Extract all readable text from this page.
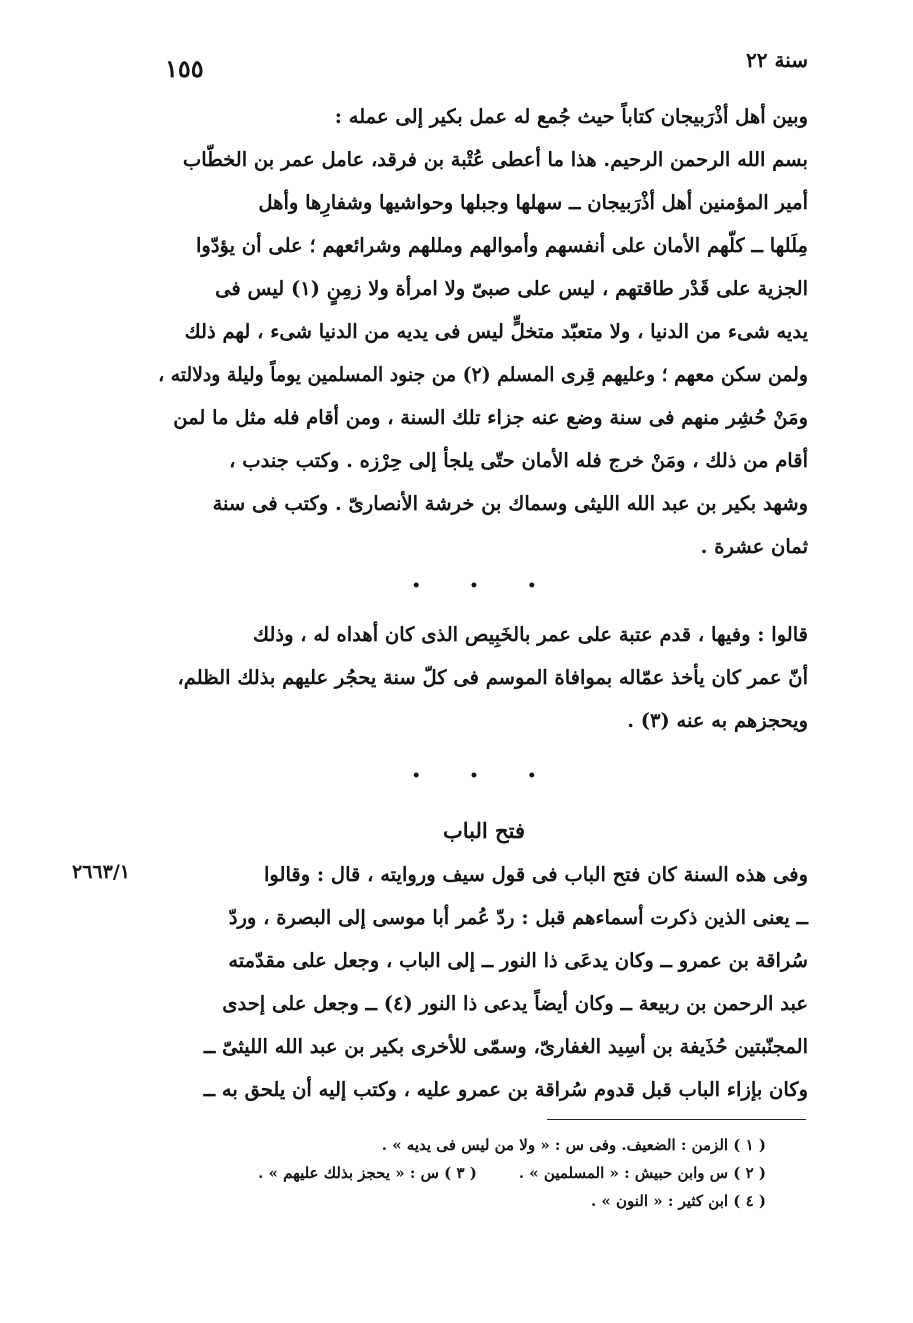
سنة ٢٢
١٥٥

وبين أهل أذْرَبيجان كتاباً حيث جُمع له عمل بكير إلى عمله :

بسم الله الرحمن الرحيم. هذا ما أعطى عُتْبة بن فرقد، عامل عمر بن الخطّاب

أمير المؤمنين أهل أذْرَبيجان ــ سهلها وجبلها وحواشيها وشفارِها وأهل

مِلَلها ــ كلّهم الأمان على أنفسهم وأموالهم ومللهم وشرائعهم ؛ على أن يؤدّوا

الجزية على قَدْر طاقتهم ، ليس على صبىّ ولا امرأة ولا زمِنٍ (١) ليس فى

يديه شىء من الدنيا ، ولا متعبّد متخلٍّ ليس فى يديه من الدنيا شىء ، لهم ذلك

ولمن سكن معهم ؛ وعليهم قِرى المسلم (٢) من جنود المسلمين يوماً وليلة ودلالته ،

ومَنْ حُشِر منهم فى سنة وضع عنه جزاء تلك السنة ، ومن أقام فله مثل ما لمن

أقام من ذلك ، ومَنْ خرج فله الأمان حتّى يلجأ إلى حِرْزه . وكتب جندب ،

وشهد بكير بن عبد الله الليثى وسماك بن خرشة الأنصارىّ . وكتب فى سنة

ثمان عشرة .

• • •

قالوا : وفيها ، قدم عتبة على عمر بالخَبِيص الذى كان أهداه له ، وذلك

أنّ عمر كان يأخذ عمّاله بموافاة الموسم فى كلّ سنة يحجُر عليهم بذلك الظلم،

ويحجزهم به عنه (٣) .

• • •
فتح الباب
٢٦٦٣/١	وفى هذه السنة كان فتح الباب فى قول سيف وروايته ، قال : وقالوا

ــ يعنى الذين ذكرت أسماءهم قبل : ردّ عُمر أبا موسى إلى البصرة ، وردّ

سُراقة بن عمرو ــ وكان يدعَى ذا النور ــ إلى الباب ، وجعل على مقدّمته

عبد الرحمن بن ربيعة ــ وكان أيضاً يدعى ذا النور (٤) ــ وجعل على إحدى

المجنّبتين حُذَيفة بن أسِيد الغفارىّ، وسمّى للأخرى بكير بن عبد الله الليثىّ ــ

وكان بإزاء الباب قبل قدوم سُراقة بن عمرو عليه ، وكتب إليه أن يلحق به ــ

( ١ ) الزمن : الضعيف. وفى س : « ولا من ليس فى يديه » .
( ٢ ) س وابن حبيش : « المسلمين » .( ٣ ) س : « يحجز بذلك عليهم » .
( ٤ ) ابن كثير : « النون » .
